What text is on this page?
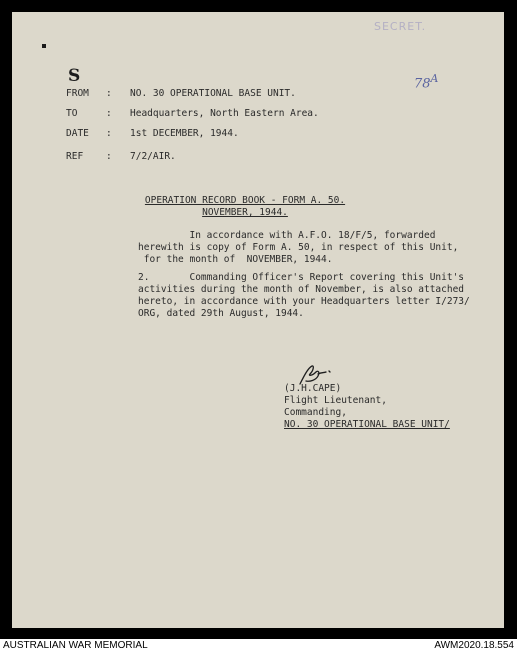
SECRET.
$78^A$
S
FROM	:	NO. 30 OPERATIONAL BASE UNIT.
TO	:	Headquarters, North Eastern Area.
DATE	:	1st DECEMBER, 1944.
REF	:	7/2/AIR.
OPERATION RECORD BOOK - FORM A. 50.
NOVEMBER, 1944.
In accordance with A.F.O. 18/F/5, forwarded
herewith is copy of Form A. 50, in respect of this Unit,
for the month of  NOVEMBER, 1944.
2.       Commanding Officer's Report covering this Unit's
activities during the month of November, is also attached
hereto, in accordance with your Headquarters letter I/273/
ORG, dated 29th August, 1944.
(J.H.CAPE)
Flight Lieutenant,
Commanding,
NO. 30 OPERATIONAL BASE UNIT/
AUSTRALIAN WAR MEMORIAL	AWM2020.18.554
